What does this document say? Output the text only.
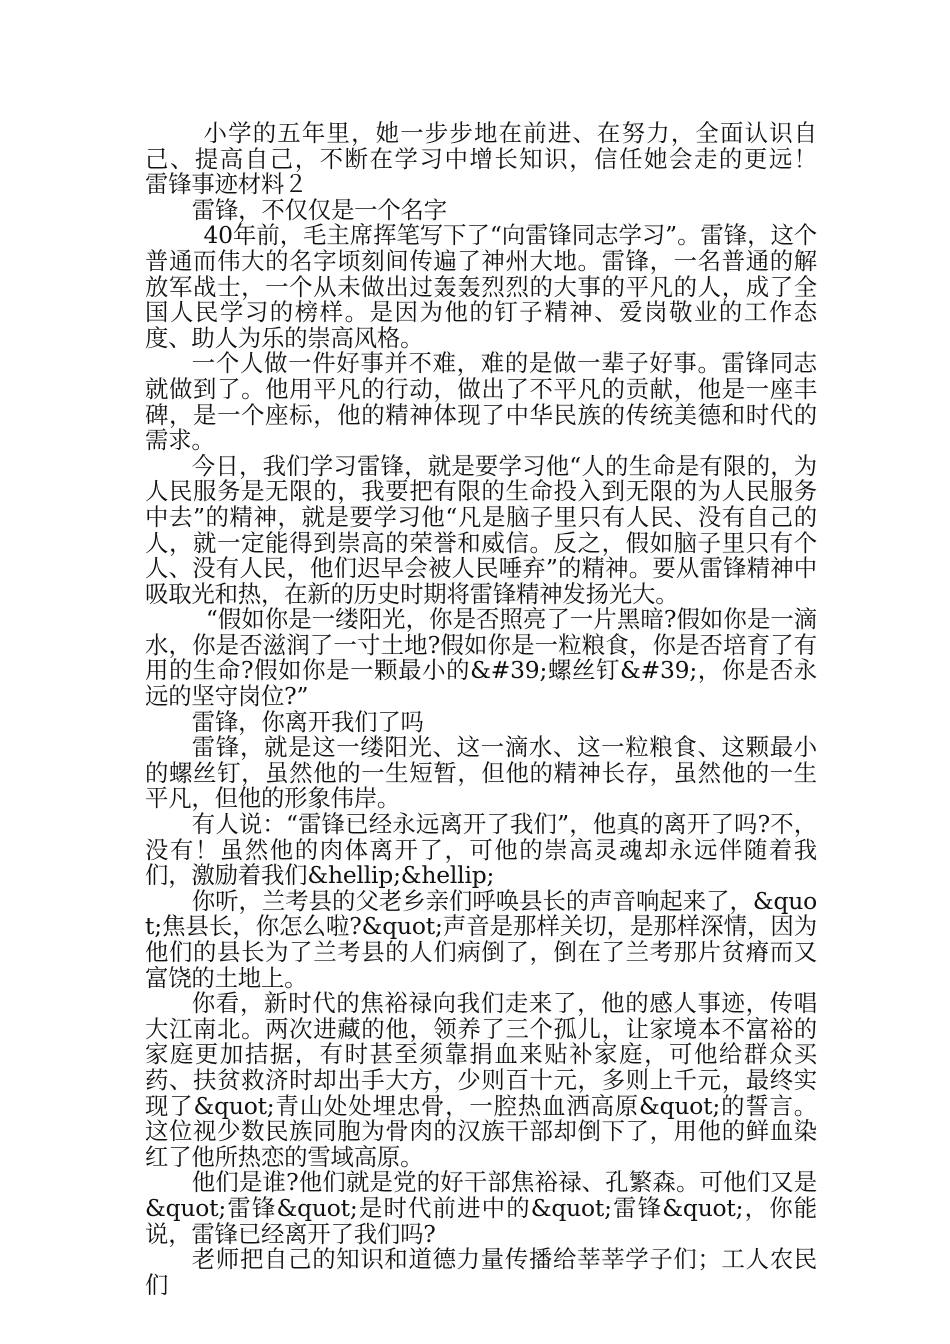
小学的五年里，她一步步地在前进、在努力，全面认识自己、提高自己，不断在学习中增长知识，信任她会走的更远！　　雷锋事迹材料２

雷锋，不仅仅是一个名字

40年前，毛主席挥笔写下了“向雷锋同志学习”。雷锋，这个普通而伟大的名字顷刻间传遍了神州大地。雷锋，一名普通的解放军战士，一个从未做出过轰轰烈烈的大事的平凡的人，成了全国人民学习的榜样。是因为他的钉子精神、爱岗敬业的工作态度、助人为乐的崇高风格。

一个人做一件好事并不难，难的是做一辈子好事。雷锋同志就做到了。他用平凡的行动，做出了不平凡的贡献，他是一座丰碑，是一个座标，他的精神体现了中华民族的传统美德和时代的需求。

今日，我们学习雷锋，就是要学习他“人的生命是有限的，为人民服务是无限的，我要把有限的生命投入到无限的为人民服务中去”的精神，就是要学习他“凡是脑子里只有人民、没有自己的人，就一定能得到崇高的荣誉和威信。反之，假如脑子里只有个人、没有人民，他们迟早会被人民唾弃”的精神。要从雷锋精神中吸取光和热，在新的历史时期将雷锋精神发扬光大。

“假如你是一缕阳光，你是否照亮了一片黑暗?假如你是一滴水，你是否滋润了一寸土地?假如你是一粒粮食，你是否培育了有用的生命?假如你是一颗最小的&#39;螺丝钉&#39;，你是否永远的坚守岗位?”

雷锋，你离开我们了吗

雷锋，就是这一缕阳光、这一滴水、这一粒粮食、这颗最小的螺丝钉，虽然他的一生短暂，但他的精神长存，虽然他的一生平凡，但他的形象伟岸。

有人说：“雷锋已经永远离开了我们”，他真的离开了吗?不，没有！虽然他的肉体离开了，可他的崇高灵魂却永远伴随着我们，激励着我们&hellip;&hellip;

你听，兰考县的父老乡亲们呼唤县长的声音响起来了，&quot;焦县长，你怎么啦?&quot;声音是那样关切，是那样深情，因为他们的县长为了兰考县的人们病倒了，倒在了兰考那片贫瘠而又富饶的土地上。

你看，新时代的焦裕禄向我们走来了，他的感人事迹，传唱大江南北。两次进藏的他，领养了三个孤儿，让家境本不富裕的家庭更加拮据，有时甚至须靠捐血来贴补家庭，可他给群众买药、扶贫救济时却出手大方，少则百十元，多则上千元，最终实现了&quot;青山处处埋忠骨，一腔热血洒高原&quot;的誓言。这位视少数民族同胞为骨肉的汉族干部却倒下了，用他的鲜血染红了他所热恋的雪域高原。

他们是谁?他们就是党的好干部焦裕禄、孔繁森。可他们又是&quot;雷锋&quot;是时代前进中的&quot;雷锋&quot;，你能说，雷锋已经离开了我们吗?

老师把自己的知识和道德力量传播给莘莘学子们；工人农民们
